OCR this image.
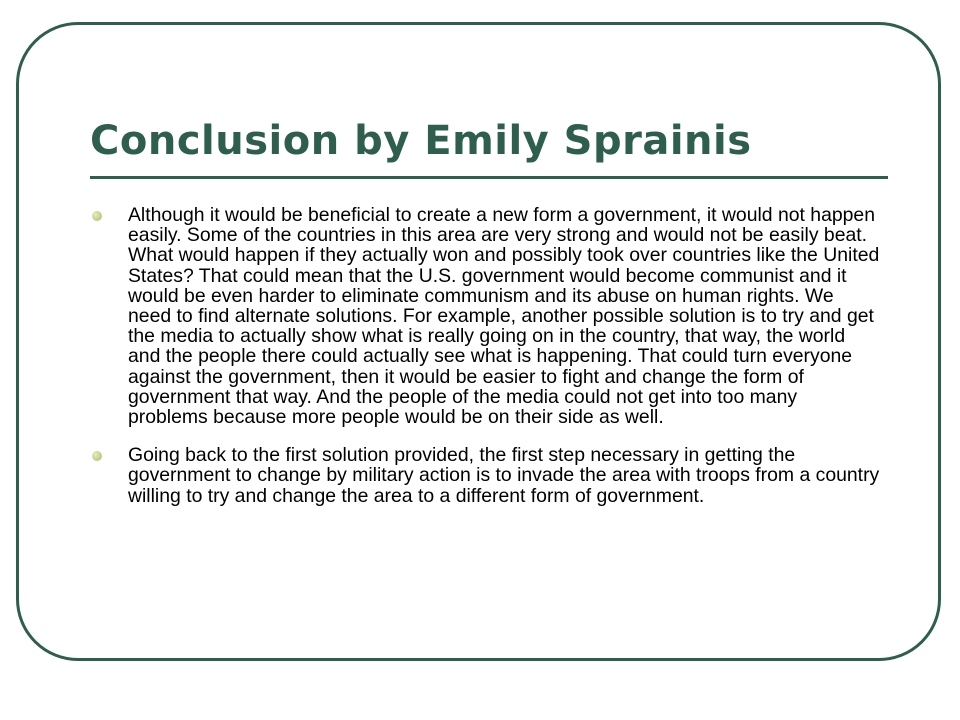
Conclusion by Emily Sprainis
Although it would be beneficial to create a new form a government, it would not happen easily. Some of the countries in this area are very strong and would not be easily beat. What would happen if they actually won and possibly took over countries like the United States? That could mean that the U.S. government would become communist and it would be even harder to eliminate communism and its abuse on human rights. We need to find alternate solutions. For example, another possible solution is to try and get the media to actually show what is really going on in the country, that way, the world and the people there could actually see what is happening. That could turn everyone against the government, then it would be easier to fight and change the form of government that way. And the people of the media could not get into too many problems because more people would be on their side as well.
Going back to the first solution provided, the first step necessary in getting the government to change by military action is to invade the area with troops from a country willing to try and change the area to a different form of government.
